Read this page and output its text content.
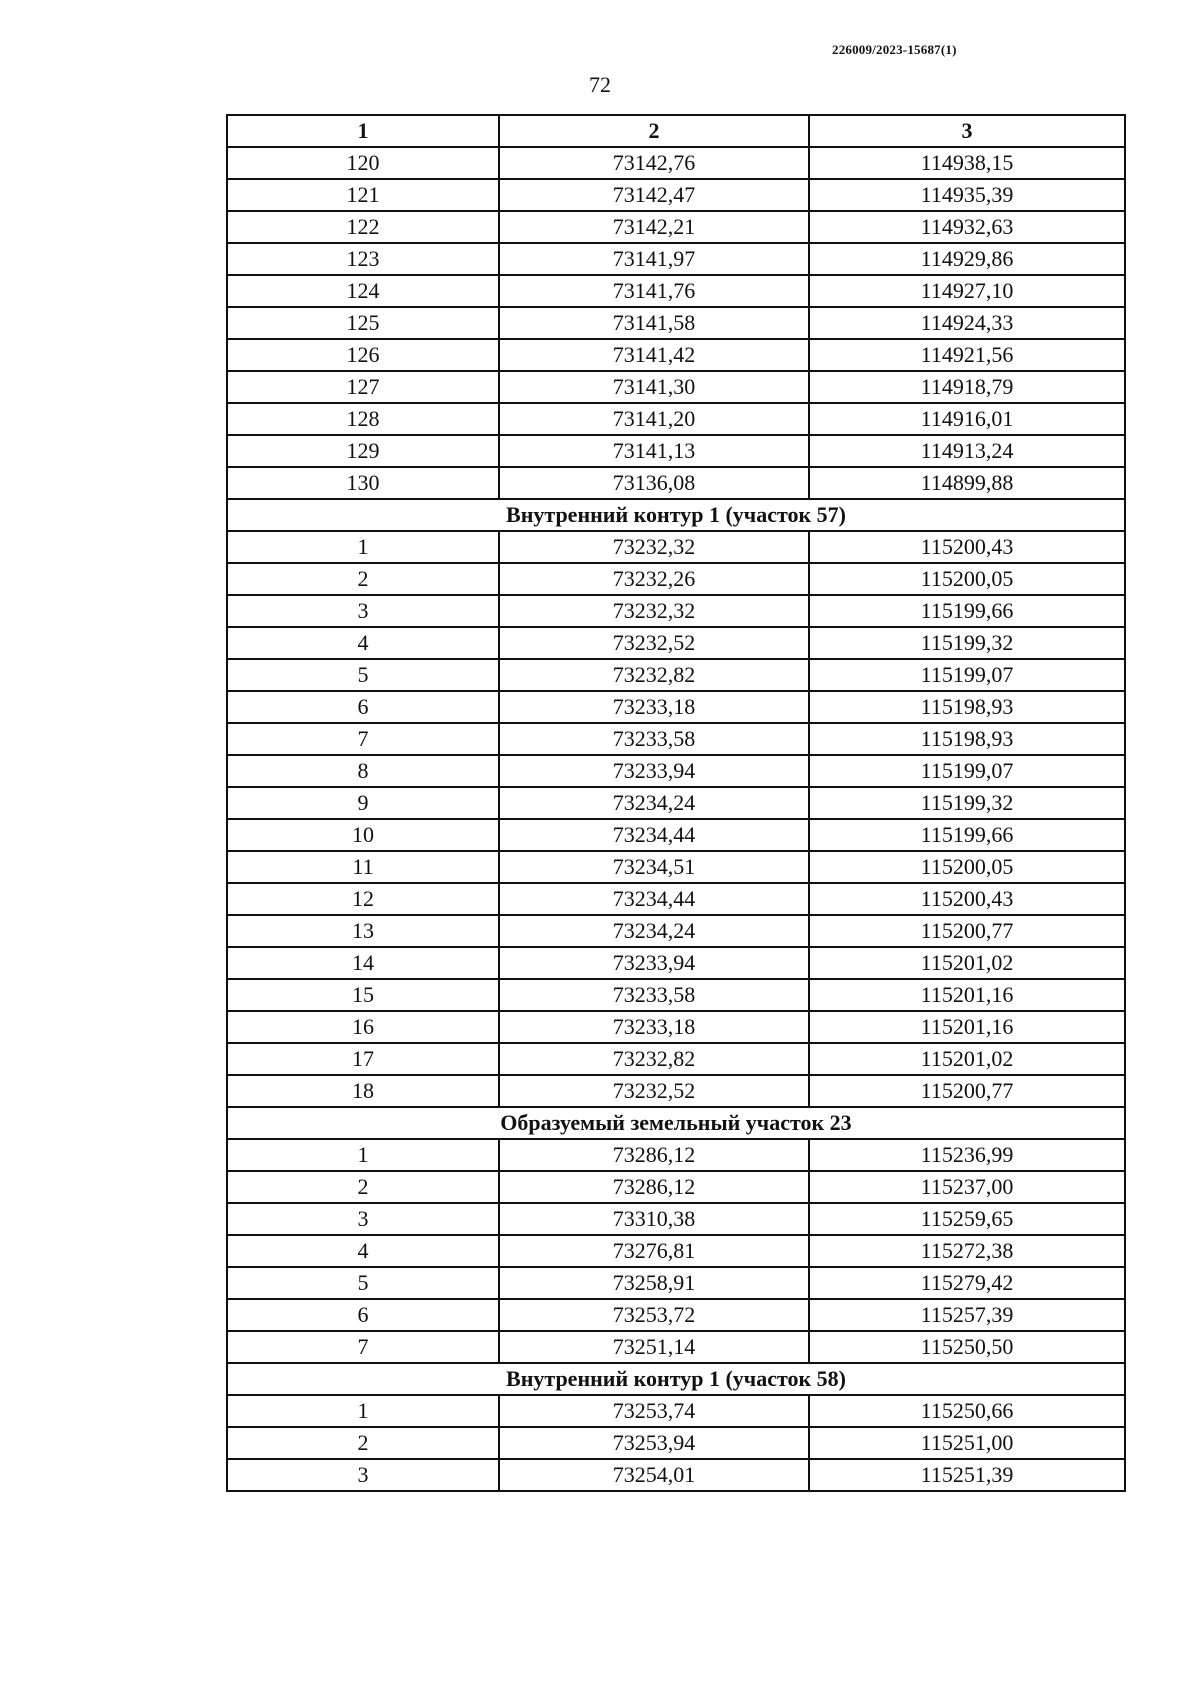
226009/2023-15687(1)
72
1	2	3
120	73142,76	114938,15
121	73142,47	114935,39
122	73142,21	114932,63
123	73141,97	114929,86
124	73141,76	114927,10
125	73141,58	114924,33
126	73141,42	114921,56
127	73141,30	114918,79
128	73141,20	114916,01
129	73141,13	114913,24
130	73136,08	114899,88
Внутренний контур 1 (участок 57)		
1	73232,32	115200,43
2	73232,26	115200,05
3	73232,32	115199,66
4	73232,52	115199,32
5	73232,82	115199,07
6	73233,18	115198,93
7	73233,58	115198,93
8	73233,94	115199,07
9	73234,24	115199,32
10	73234,44	115199,66
11	73234,51	115200,05
12	73234,44	115200,43
13	73234,24	115200,77
14	73233,94	115201,02
15	73233,58	115201,16
16	73233,18	115201,16
17	73232,82	115201,02
18	73232,52	115200,77
Образуемый земельный участок 23		
1	73286,12	115236,99
2	73286,12	115237,00
3	73310,38	115259,65
4	73276,81	115272,38
5	73258,91	115279,42
6	73253,72	115257,39
7	73251,14	115250,50
Внутренний контур 1 (участок 58)		
1	73253,74	115250,66
2	73253,94	115251,00
3	73254,01	115251,39
